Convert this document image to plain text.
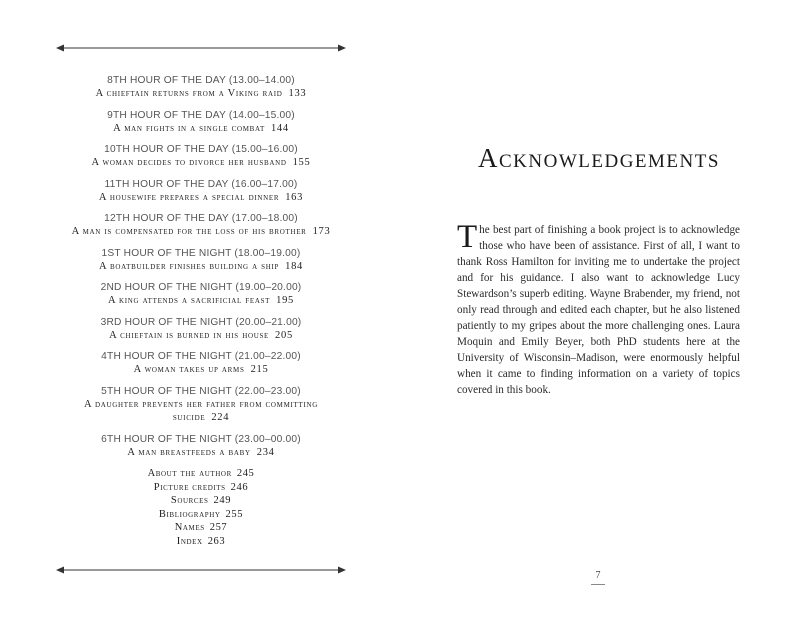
8TH HOUR OF THE DAY (13.00–14.00)
A chieftain returns from a Viking raid 133
9TH HOUR OF THE DAY (14.00–15.00)
A man fights in a single combat 144
10TH HOUR OF THE DAY (15.00–16.00)
A woman decides to divorce her husband 155
11TH HOUR OF THE DAY (16.00–17.00)
A housewife prepares a special dinner 163
12TH HOUR OF THE DAY (17.00–18.00)
A man is compensated for the loss of his brother 173
1ST HOUR OF THE NIGHT (18.00–19.00)
A boatbuilder finishes building a ship 184
2ND HOUR OF THE NIGHT (19.00–20.00)
A king attends a sacrificial feast 195
3RD HOUR OF THE NIGHT (20.00–21.00)
A chieftain is burned in his house 205
4TH HOUR OF THE NIGHT (21.00–22.00)
A woman takes up arms 215
5TH HOUR OF THE NIGHT (22.00–23.00)
A daughter prevents her father from committing suicide 224
6TH HOUR OF THE NIGHT (23.00–00.00)
A man breastfeeds a baby 234
About the author 245
Picture credits 246
Sources 249
Bibliography 255
Names 257
Index 263
Acknowledgements

The best part of finishing a book project is to acknowledge those who have been of assistance. First of all, I want to thank Ross Hamilton for inviting me to undertake the project and for his guidance. I also want to acknowledge Lucy Stewardson’s superb editing. Wayne Brabender, my friend, not only read through and edited each chapter, but he also listened patiently to my gripes about the more challenging ones. Laura Moquin and Emily Beyer, both PhD students here at the University of Wisconsin–Madison, were enormously helpful when it came to finding information on a variety of topics covered in this book.

7
